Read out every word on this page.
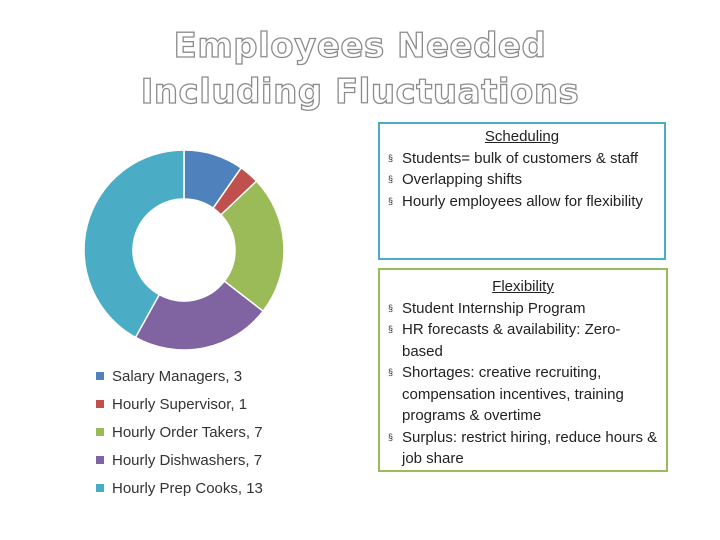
Employees Needed
Including Fluctuations
Salary Managers, 3
Hourly Supervisor, 1
Hourly Order Takers, 7
Hourly Dishwashers, 7
Hourly Prep Cooks, 13
Scheduling
§ Students= bulk of customers & staff
§ Overlapping shifts
§ Hourly employees allow for flexibility
Flexibility
§ Student Internship Program
§ HR forecasts & availability: Zero-based
§ Shortages: creative recruiting, compensation incentives, training programs & overtime
§ Surplus: restrict hiring, reduce hours & job share
